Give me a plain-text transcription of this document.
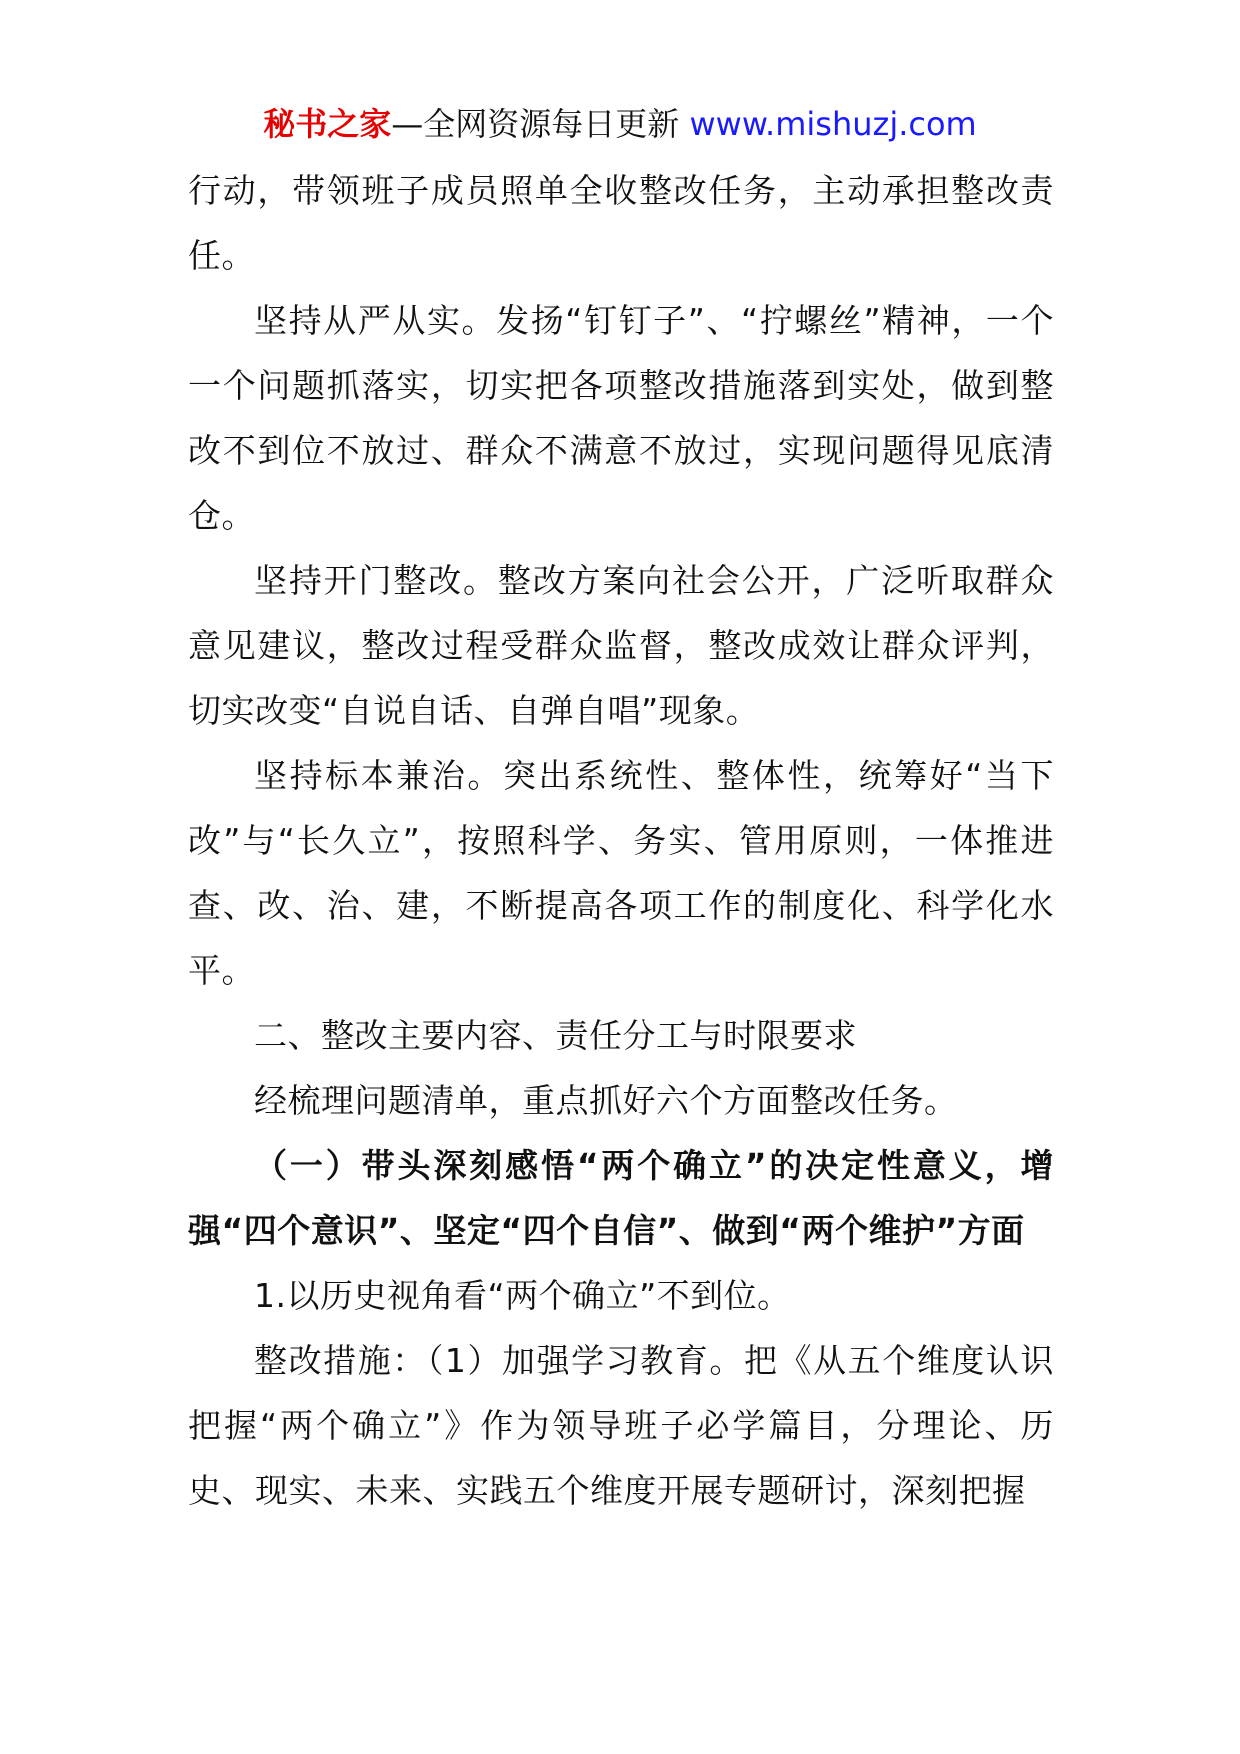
秘书之家—全网资源每日更新 www.mishuzj.com

行动，带领班子成员照单全收整改任务，主动承担整改责任。

坚持从严从实。发扬“钉钉子”、“拧螺丝”精神，一个一个问题抓落实，切实把各项整改措施落到实处，做到整改不到位不放过、群众不满意不放过，实现问题得见底清仓。

坚持开门整改。整改方案向社会公开，广泛听取群众意见建议，整改过程受群众监督，整改成效让群众评判，切实改变“自说自话、自弹自唱”现象。

坚持标本兼治。突出系统性、整体性，统筹好“当下改”与“长久立”，按照科学、务实、管用原则，一体推进查、改、治、建，不断提高各项工作的制度化、科学化水平。

二、整改主要内容、责任分工与时限要求

经梳理问题清单，重点抓好六个方面整改任务。

（一）带头深刻感悟“两个确立”的决定性意义，增强“四个意识”、坚定“四个自信”、做到“两个维护”方面

1.以历史视角看“两个确立”不到位。

整改措施：（1）加强学习教育。把《从五个维度认识把握“两个确立”》作为领导班子必学篇目，分理论、历史、现实、未来、实践五个维度开展专题研讨，深刻把握
